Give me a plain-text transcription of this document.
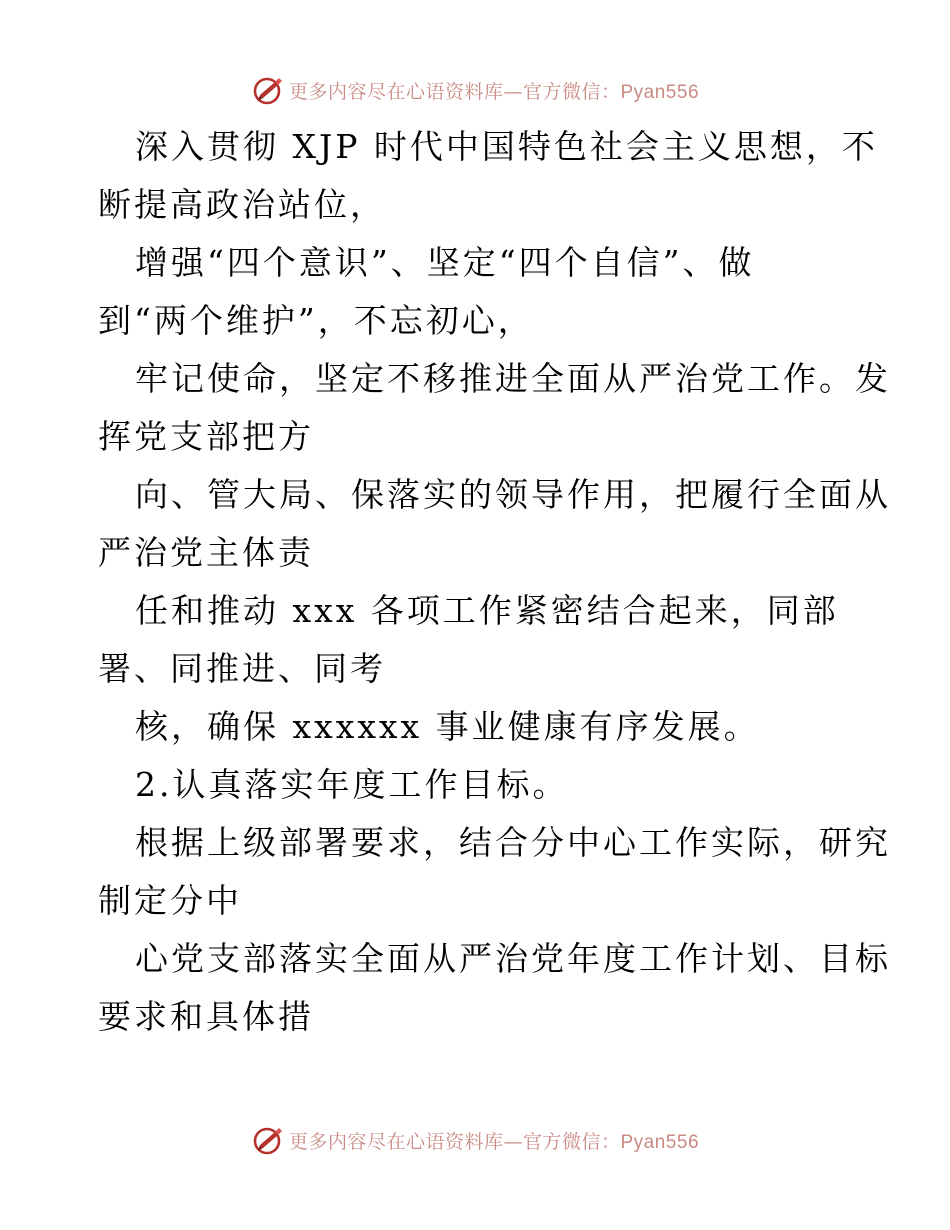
更多内容尽在心语资料库—官方微信：Pyan556
深入贯彻 XJP 时代中国特色社会主义思想，不
断提高政治站位，
增强“四个意识”、坚定“四个自信”、做
到“两个维护”，不忘初心，
牢记使命，坚定不移推进全面从严治党工作。发
挥党支部把方
向、管大局、保落实的领导作用，把履行全面从
严治党主体责
任和推动 xxx 各项工作紧密结合起来，同部
署、同推进、同考
核，确保 xxxxxx 事业健康有序发展。
2.认真落实年度工作目标。
根据上级部署要求，结合分中心工作实际，研究
制定分中
心党支部落实全面从严治党年度工作计划、目标
要求和具体措
更多内容尽在心语资料库—官方微信：Pyan556
